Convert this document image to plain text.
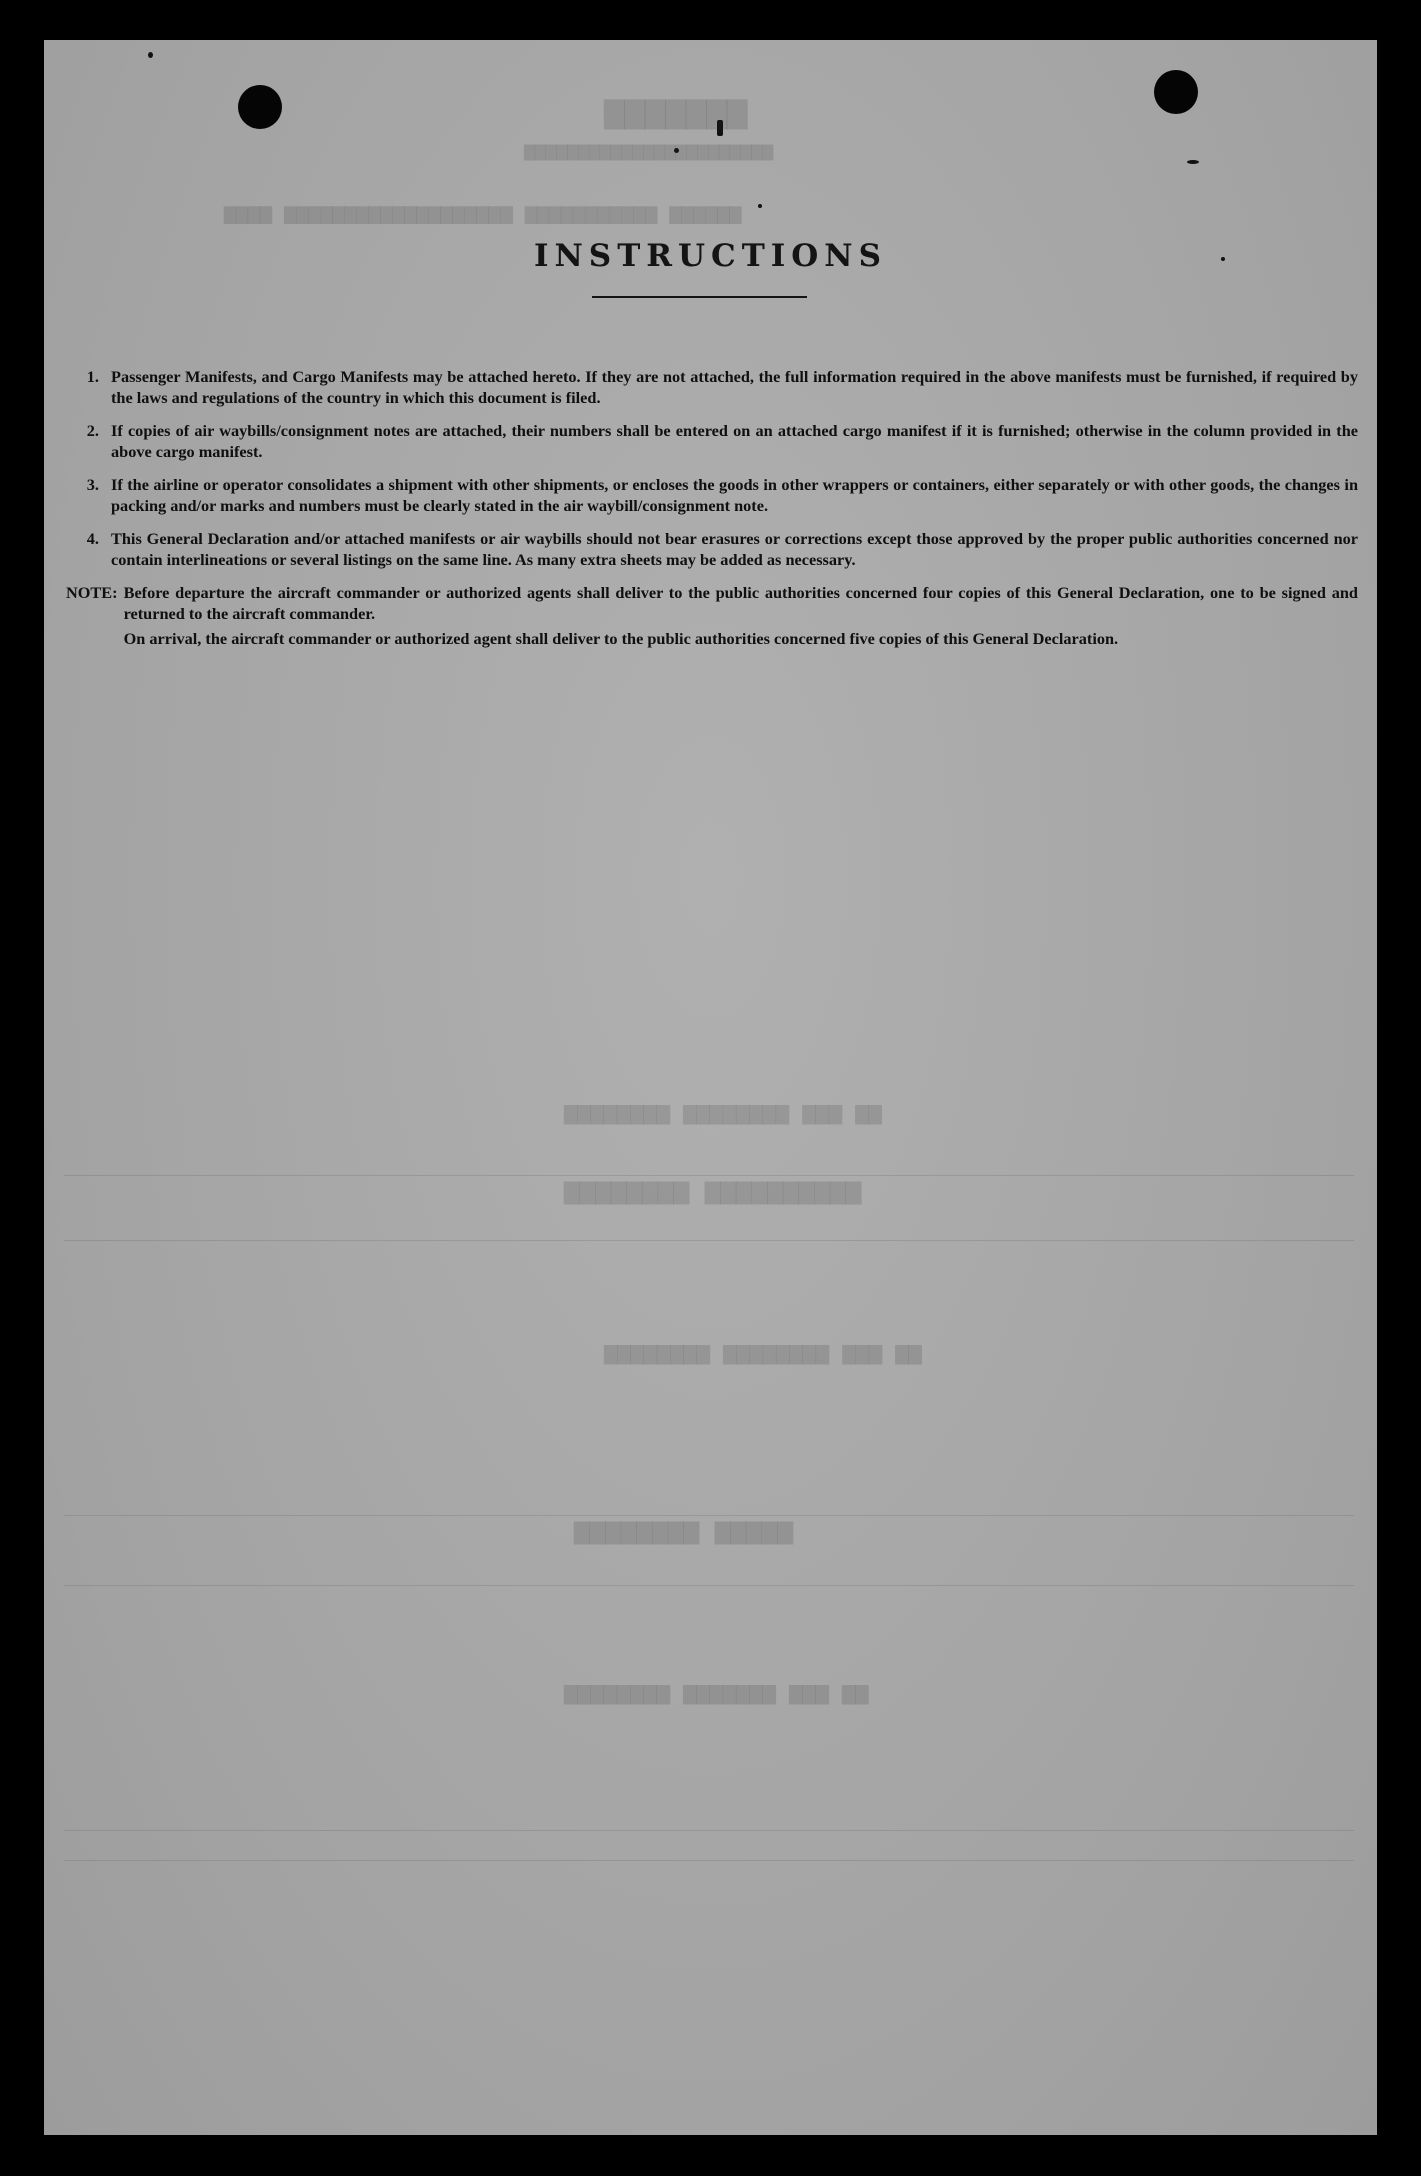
▆▆▆▆▆▆▆
▆▆▆▆▆▆▆▆▆▆▆▆▆▆▆▆▆▆▆▆▆▆▆
▆▆▆▆▆▆ ▆▆▆▆▆▆▆▆▆▆▆ ▆▆▆▆▆▆▆▆▆▆▆▆▆▆▆▆▆▆▆ ▆▆▆▆
▆▆ ▆▆▆ ▆▆▆▆▆▆▆▆ ▆▆▆▆▆▆▆▆
▆▆▆▆▆▆▆▆▆▆ ▆▆▆▆▆▆▆▆
▆▆ ▆▆▆ ▆▆▆▆▆▆▆▆ ▆▆▆▆▆▆▆▆
▆▆▆▆▆ ▆▆▆▆▆▆▆▆
▆▆ ▆▆▆ ▆▆▆▆▆▆▆ ▆▆▆▆▆▆▆▆
INSTRUCTIONS
1. Passenger Manifests, and Cargo Manifests may be attached hereto. If they are not attached, the full information required in the above manifests must be furnished, if required by the laws and regulations of the country in which this document is filed.
2. If copies of air waybills/consignment notes are attached, their numbers shall be entered on an attached cargo manifest if it is furnished; otherwise in the column provided in the above cargo manifest.
3. If the airline or operator consolidates a shipment with other shipments, or encloses the goods in other wrappers or containers, either separately or with other goods, the changes in packing and/or marks and numbers must be clearly stated in the air waybill/consignment note.
4. This General Declaration and/or attached manifests or air waybills should not bear erasures or corrections except those approved by the proper public authorities concerned nor contain interlineations or several listings on the same line. As many extra sheets may be added as necessary.
NOTE: Before departure the aircraft commander or authorized agents shall deliver to the public authorities concerned four copies of this General Declaration, one to be signed and returned to the aircraft commander.
On arrival, the aircraft commander or authorized agent shall deliver to the public authorities concerned five copies of this General Declaration.
